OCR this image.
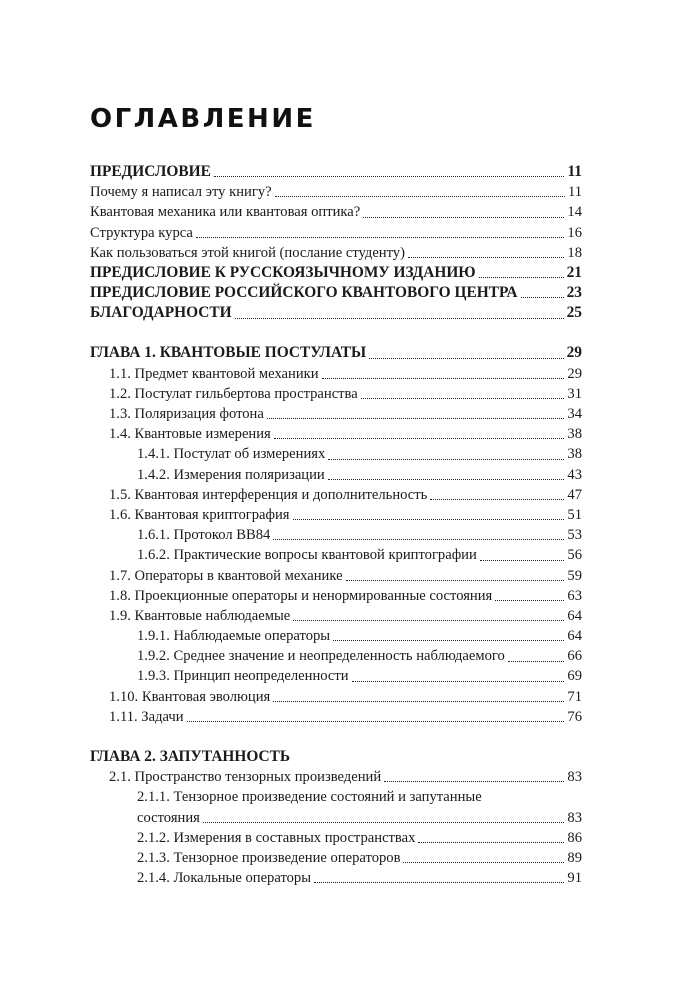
ОГЛАВЛЕНИЕ
ПРЕДИСЛОВИЕ	11
Почему я написал эту книгу?	11
Квантовая механика или квантовая оптика?	14
Структура курса	16
Как пользоваться этой книгой (послание студенту)	18
ПРЕДИСЛОВИЕ К РУССКОЯЗЫЧНОМУ ИЗДАНИЮ	21
ПРЕДИСЛОВИЕ РОССИЙСКОГО КВАНТОВОГО ЦЕНТРА	23
БЛАГОДАРНОСТИ	25
ГЛАВА 1. КВАНТОВЫЕ ПОСТУЛАТЫ	29
1.1. Предмет квантовой механики	29
1.2. Постулат гильбертова пространства	31
1.3. Поляризация фотона	34
1.4. Квантовые измерения	38
1.4.1. Постулат об измерениях	38
1.4.2. Измерения поляризации	43
1.5. Квантовая интерференция и дополнительность	47
1.6. Квантовая криптография	51
1.6.1. Протокол BB84	53
1.6.2. Практические вопросы квантовой криптографии	56
1.7. Операторы в квантовой механике	59
1.8. Проекционные операторы и ненормированные состояния	63
1.9. Квантовые наблюдаемые	64
1.9.1. Наблюдаемые операторы	64
1.9.2. Среднее значение и неопределенность наблюдаемого	66
1.9.3. Принцип неопределенности	69
1.10. Квантовая эволюция	71
1.11. Задачи	76
ГЛАВА 2. ЗАПУТАННОСТЬ
2.1. Пространство тензорных произведений	83
2.1.1. Тензорное произведение состояний и запутанные
состояния	83
2.1.2. Измерения в составных пространствах	86
2.1.3. Тензорное произведение операторов	89
2.1.4. Локальные операторы	91
